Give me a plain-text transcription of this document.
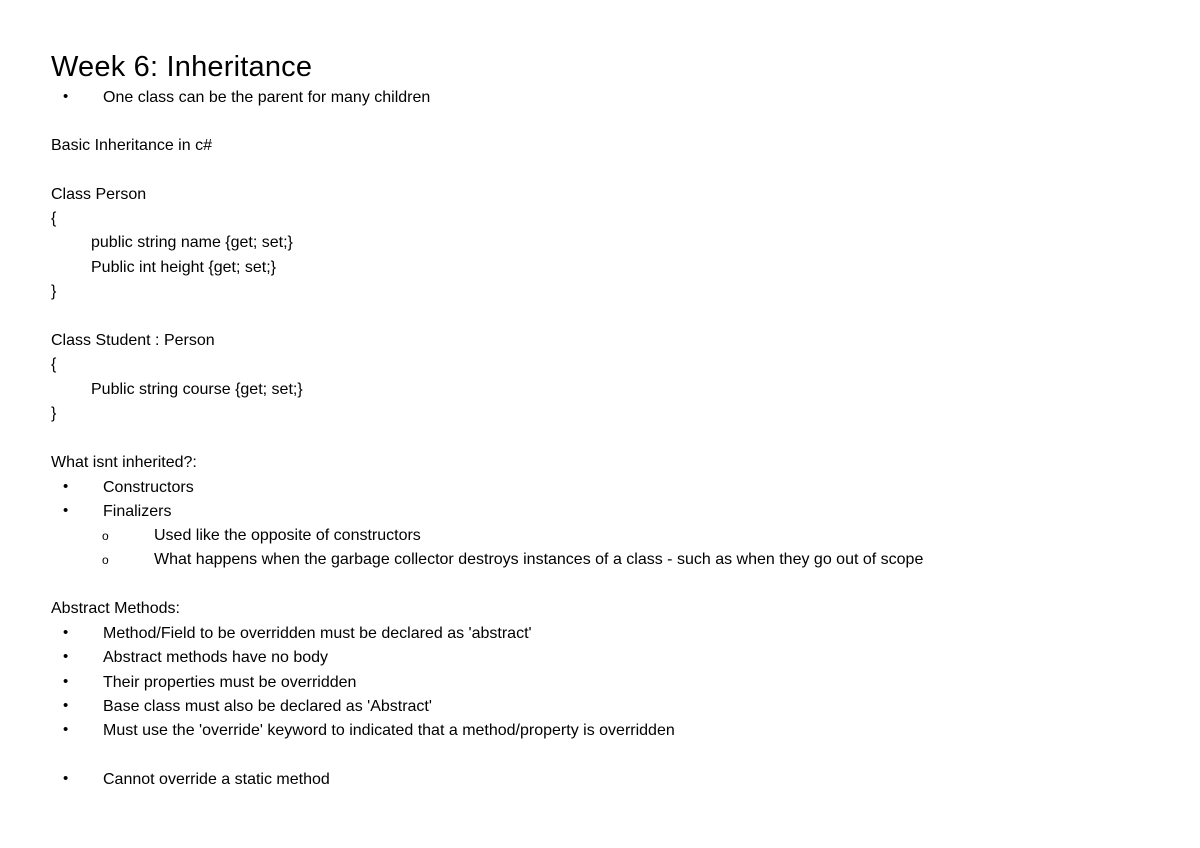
Week 6: Inheritance
• One class can be the parent for many children
Basic Inheritance in c#
Class Person
{
public string name {get; set;}
Public int height {get; set;}
}
Class Student : Person
{
Public string course {get; set;}
}
What isnt inherited?:
• Constructors
• Finalizers
o	Used like the opposite of constructors
o	What happens when the garbage collector destroys instances of a class - such as when they go out of scope
Abstract Methods:
• Method/Field to be overridden must be declared as 'abstract'
• Abstract methods have no body
• Their properties must be overridden
• Base class must also be declared as 'Abstract'
• Must use the 'override' keyword to indicated that a method/property is overridden
• Cannot override a static method
